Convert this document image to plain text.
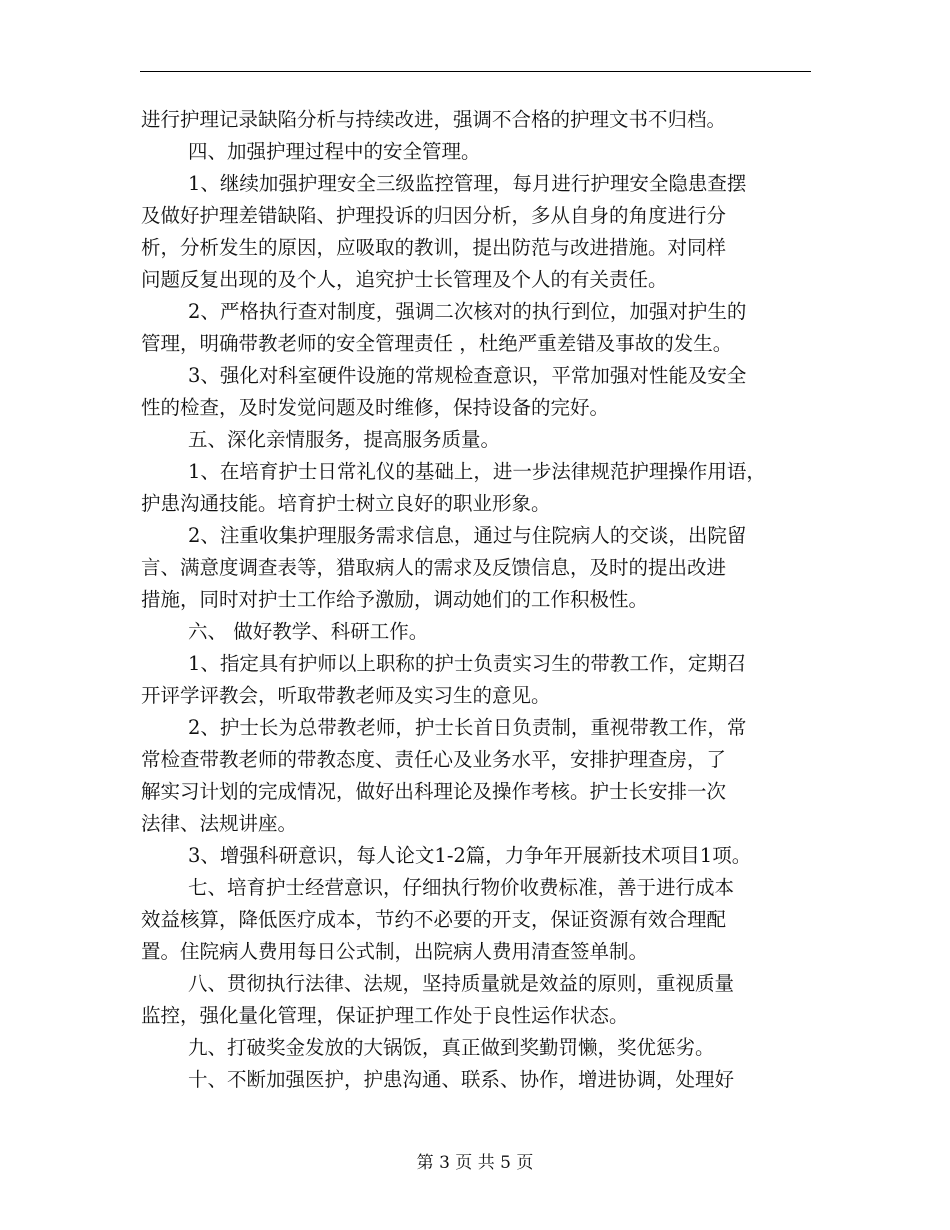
进行护理记录缺陷分析与持续改进，强调不合格的护理文书不归档。
四、加强护理过程中的安全管理。
1、继续加强护理安全三级监控管理，每月进行护理安全隐患查摆
及做好护理差错缺陷、护理投诉的归因分析，多从自身的角度进行分
析，分析发生的原因，应吸取的教训，提出防范与改进措施。对同样
问题反复出现的及个人，追究护士长管理及个人的有关责任。
2、严格执行查对制度，强调二次核对的执行到位，加强对护生的
管理，明确带教老师的安全管理责任 ，杜绝严重差错及事故的发生。
3、强化对科室硬件设施的常规检查意识，平常加强对性能及安全
性的检查，及时发觉问题及时维修，保持设备的完好。
五、深化亲情服务，提高服务质量。
1、在培育护士日常礼仪的基础上，进一步法律规范护理操作用语，
护患沟通技能。培育护士树立良好的职业形象。
2、注重收集护理服务需求信息，通过与住院病人的交谈，出院留
言、满意度调查表等，猎取病人的需求及反馈信息，及时的提出改进
措施，同时对护士工作给予激励，调动她们的工作积极性。
六、 做好教学、科研工作。
1、指定具有护师以上职称的护士负责实习生的带教工作，定期召
开评学评教会，听取带教老师及实习生的意见。
2、护士长为总带教老师，护士长首日负责制，重视带教工作，常
常检查带教老师的带教态度、责任心及业务水平，安排护理查房，了
解实习计划的完成情况，做好出科理论及操作考核。护士长安排一次
法律、法规讲座。
3、增强科研意识，每人论文1-2篇，力争年开展新技术项目1项。
七、培育护士经营意识，仔细执行物价收费标准，善于进行成本
效益核算，降低医疗成本，节约不必要的开支，保证资源有效合理配
置。住院病人费用每日公式制，出院病人费用清查签单制。
八、贯彻执行法律、法规，坚持质量就是效益的原则，重视质量
监控，强化量化管理，保证护理工作处于良性运作状态。
九、打破奖金发放的大锅饭，真正做到奖勤罚懒，奖优惩劣。
十、不断加强医护，护患沟通、联系、协作，增进协调，处理好
第 3 页 共 5 页
